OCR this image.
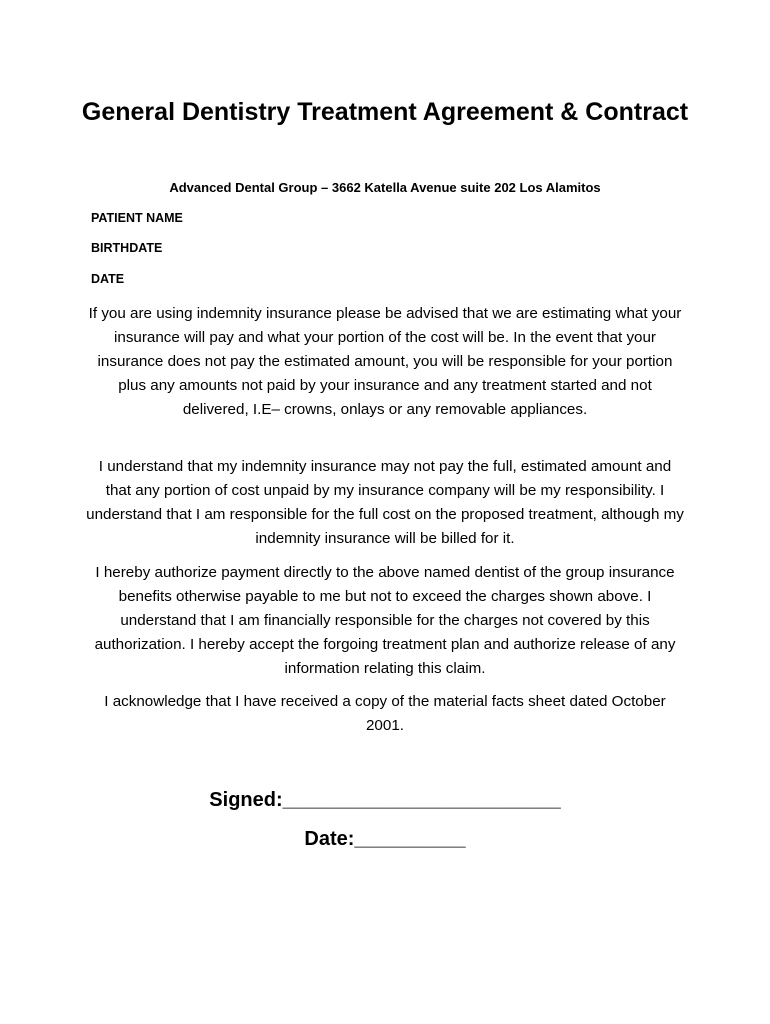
General Dentistry Treatment Agreement & Contract

Advanced Dental Group – 3662 Katella Avenue suite 202 Los Alamitos

PATIENT NAME

BIRTHDATE

DATE

If you are using indemnity insurance please be advised that we are estimating what your insurance will pay and what your portion of the cost will be. In the event that your insurance does not pay the estimated amount, you will be responsible for your portion plus any amounts not paid by your insurance and any treatment started and not delivered, I.E– crowns, onlays or any removable appliances.

I understand that my indemnity insurance may not pay the full, estimated amount and that any portion of cost unpaid by my insurance company will be my responsibility. I understand that I am responsible for the full cost on the proposed treatment, although my indemnity insurance will be billed for it.

I hereby authorize payment directly to the above named dentist of the group insurance benefits otherwise payable to me but not to exceed the charges shown above. I understand that I am financially responsible for the charges not covered by this authorization. I hereby accept the forgoing treatment plan and authorize release of any information relating this claim.

I acknowledge that I have received a copy of the material facts sheet dated October 2001.

Signed:_________________________

Date:__________
